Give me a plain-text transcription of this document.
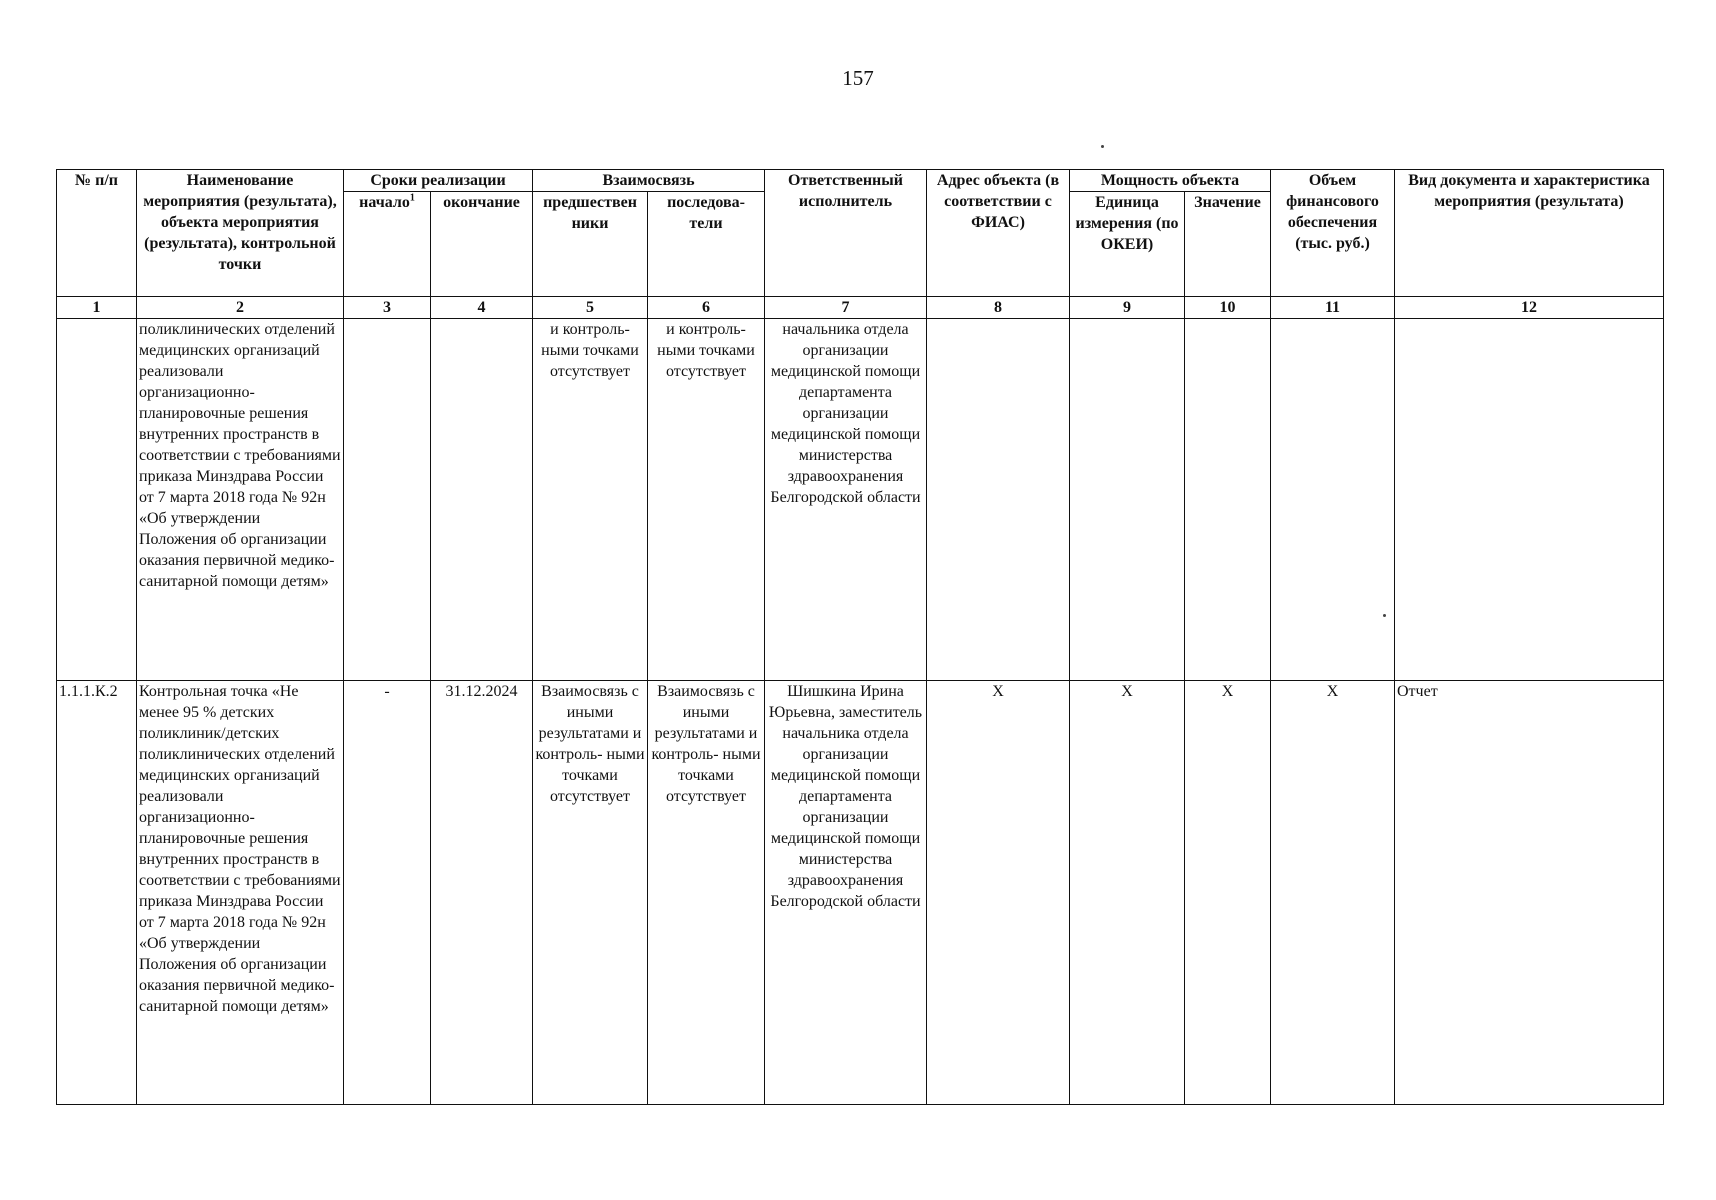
157
№ п/п	Наименование мероприятия (результата), объекта мероприятия (результата), контрольной точки	Сроки реализации		Взаимосвязь		Ответственный исполнитель	Адрес объекта (в соответствии с ФИАС)	Мощность объекта		Объем финансового обеспечения (тыс. руб.)	Вид документа и характеристика мероприятия (результата)
		начало$^1$	окончание	предшествен ники	последова- тели			Единица измерения (по ОКЕИ)	Значение		
1	2	3	4	5	6	7	8	9	10	11	12
	поликлинических отделений медицинских организаций реализовали организационно-планировочные решения внутренних пространств в соответствии с требованиями приказа Минздрава России от 7 марта 2018 года № 92н «Об утверждении Положения об организации оказания первичной медико-санитарной помощи детям»			и контроль- ными точками отсутствует	и контроль- ными точками отсутствует	начальника отдела организации медицинской помощи департамента организации медицинской помощи министерства здравоохранения Белгородской области					
1.1.1.К.2	Контрольная точка «Не менее 95 % детских поликлиник/детских поликлинических отделений медицинских организаций реализовали организационно-планировочные решения внутренних пространств в соответствии с требованиями приказа Минздрава России от 7 марта 2018 года № 92н «Об утверждении Положения об организации оказания первичной медико-санитарной помощи детям»	-	31.12.2024	Взаимосвязь с иными результатами и контроль- ными точками отсутствует	Взаимосвязь с иными результатами и контроль- ными точками отсутствует	Шишкина Ирина Юрьевна, заместитель начальника отдела организации медицинской помощи департамента организации медицинской помощи министерства здравоохранения Белгородской области	Х	Х	Х	Х	Отчет
